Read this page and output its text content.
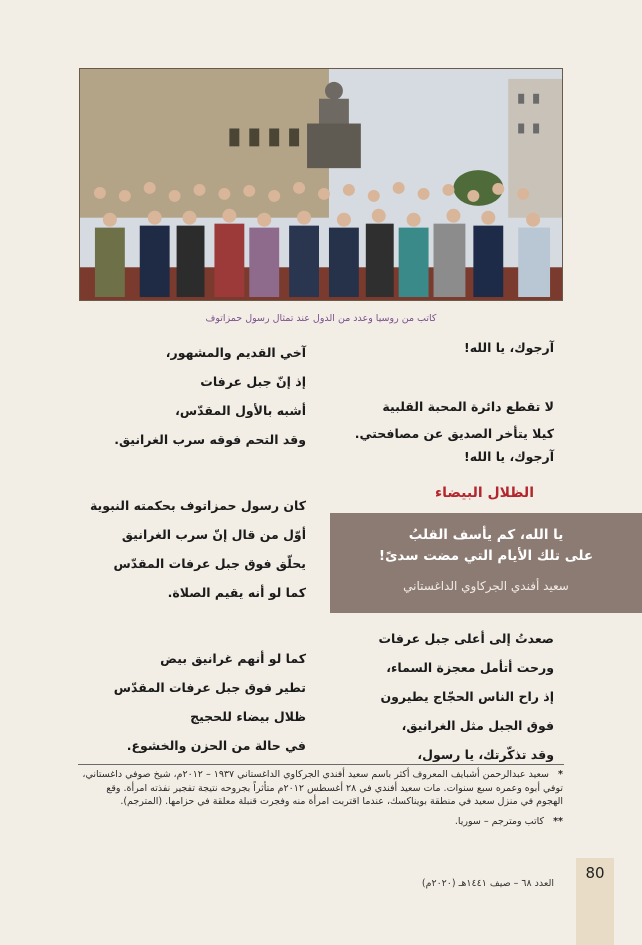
كاتب من روسيا وعدد من الدول عند تمثال رسول حمزاتوف
آرجوك، يا الله!
لا تقطع دائرة المحبة القلبية
كيلا يتأخر الصديق عن مصافحتي.
آرجوك، يا الله!
آخي القديم والمشهور،
إذ إنّ جبل عرفات
أشبه بالأول المقدّس،
وقد التحم فوقه سرب الغرانيق.
الظلال البيضاء
يا الله، كم يأسف القلبُ
على تلك الأيام التي مضت سدىً!
سعيد أفندي الجركاوي الداغستاني
كان رسول حمزاتوف بحكمته النبوية
أوّل من قال إنّ سرب الغرانيق
يحلّق فوق جبل عرفات المقدّس
كما لو أنه يقيم الصلاة.
صعدتُ إلى أعلى جبل عرفات
ورحت أتأمل معجزة السماء،
إذ راح الناس الحجّاج يطيرون
فوق الجبل مثل الغرانيق،
وقد تذكّرتك، يا رسول،
كما لو أنهم غرانيق بيض
تطير فوق جبل عرفات المقدّس
ظلال بيضاء للحجيج
في حالة من الحزن والخشوع.
* سعيد عبدالرحمن أشبايف المعروف أكثر باسم سعيد أفندي الجركاوي الداغستاني ١٩٣٧ – ٢٠١٢م، شيخ صوفي داغستاني، توفي أبوه وعمره سبع سنوات. مات سعيد أفندي في ٢٨ أغسطس ٢٠١٢م متأثراً بجروحه نتيجة تفجير نفذته امرأة. وقع الهجوم في منزل سعيد في منطقة بويناكسك، عندما اقتربت امرأة منه وفجرت قنبلة معلقة في حزامها. (المترجم).
** كاتب ومترجم – سوريا.
العدد ٦٨ – صيف ١٤٤١هـ (٢٠٢٠م)
80
